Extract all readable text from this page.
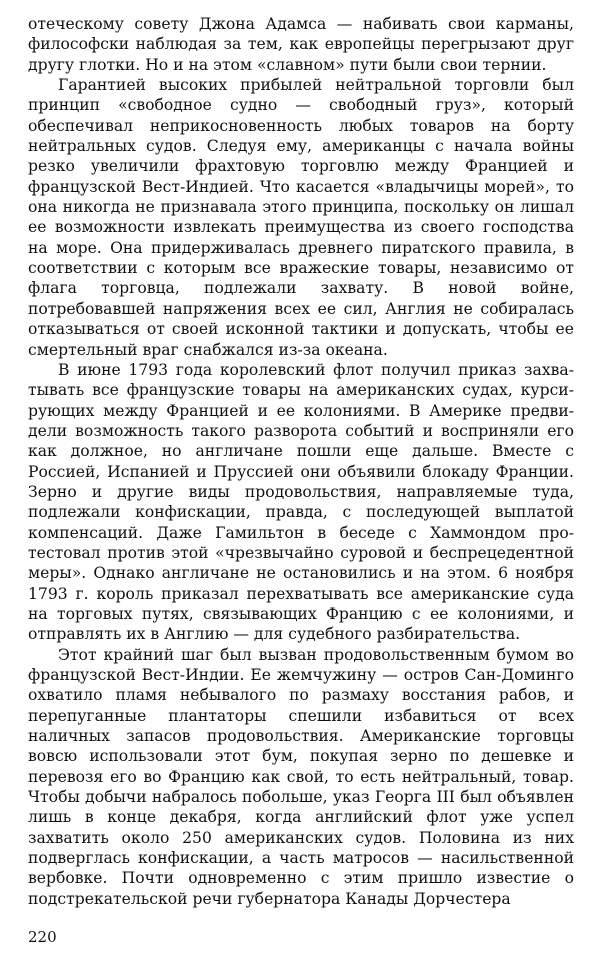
отеческому совету Джона Адамса — набивать свои карманы, философски наблюдая за тем, как европейцы перегрызают друг другу глотки. Но и на этом «славном» пути были свои тернии.

Гарантией высоких прибылей нейтральной торговли был принцип «свободное судно — свободный груз», который обеспечивал неприкосновенность любых товаров на борту нейтральных судов. Следуя ему, американцы с начала войны резко увеличили фрахтовую торговлю между Францией и французской Вест-Индией. Что касается «владычицы морей», то она никогда не признавала этого принципа, поскольку он лишал ее возможности извлекать преимущества из своего господства на море. Она придерживалась древнего пиратского правила, в соответствии с которым все вражеские товары, независимо от флага торговца, подлежали захвату. В новой войне, потребовавшей напряжения всех ее сил, Англия не собиралась отказываться от своей исконной тактики и допускать, чтобы ее смертельный враг снабжался из-за океана.

В июне 1793 года королевский флот получил приказ захватывать все французские товары на американских судах, курсирующих между Францией и ее колониями. В Америке предвидели возможность такого разворота событий и восприняли его как должное, но англичане пошли еще дальше. Вместе с Россией, Испанией и Пруссией они объявили блокаду Франции. Зерно и другие виды продовольствия, направляемые туда, подлежали конфискации, правда, с последующей выплатой компенсаций. Даже Гамильтон в беседе с Хаммондом протестовал против этой «чрезвычайно суровой и беспрецедентной меры». Однако англичане не остановились и на этом. 6 ноября 1793 г. король приказал перехватывать все американские суда на торговых путях, связывающих Францию с ее колониями, и отправлять их в Англию — для судебного разбирательства.

Этот крайний шаг был вызван продовольственным бумом во французской Вест-Индии. Ее жемчужину — остров Сан-Доминго охватило пламя небывалого по размаху восстания рабов, и перепуганные плантаторы спешили избавиться от всех наличных запасов продовольствия. Американские торговцы вовсю использовали этот бум, покупая зерно по дешевке и перевозя его во Францию как свой, то есть нейтральный, товар. Чтобы добычи набралось побольше, указ Георга III был объявлен лишь в конце декабря, когда английский флот уже успел захватить около 250 американских судов. Половина из них подверглась конфискации, а часть матросов — насильственной вербовке. Почти одновременно с этим пришло известие о подстрекательской речи губернатора Канады Дорчестера

220
